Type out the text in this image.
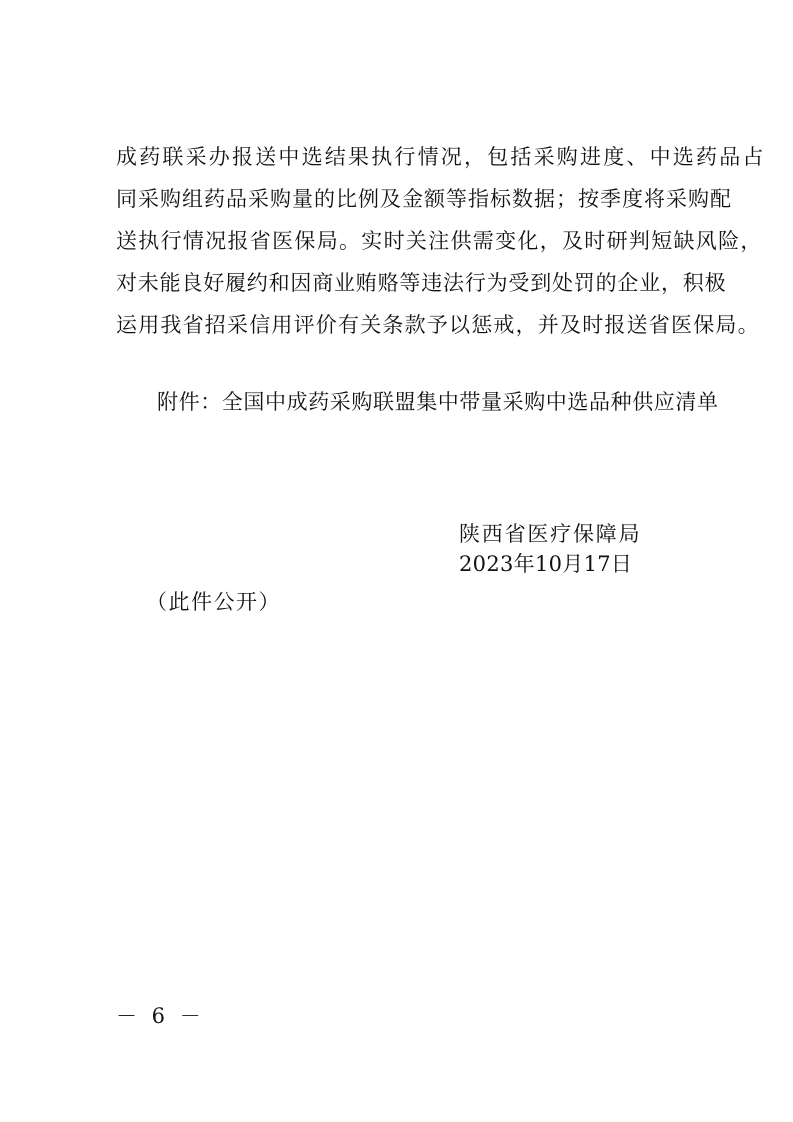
成药联采办报送中选结果执行情况，包括采购进度、中选药品占
同采购组药品采购量的比例及金额等指标数据；按季度将采购配
送执行情况报省医保局。实时关注供需变化，及时研判短缺风险，
对未能良好履约和因商业贿赂等违法行为受到处罚的企业，积极
运用我省招采信用评价有关条款予以惩戒，并及时报送省医保局。
附件：全国中成药采购联盟集中带量采购中选品种供应清单
陕西省医疗保障局
2023年10月17日
（此件公开）
－ 6 －
